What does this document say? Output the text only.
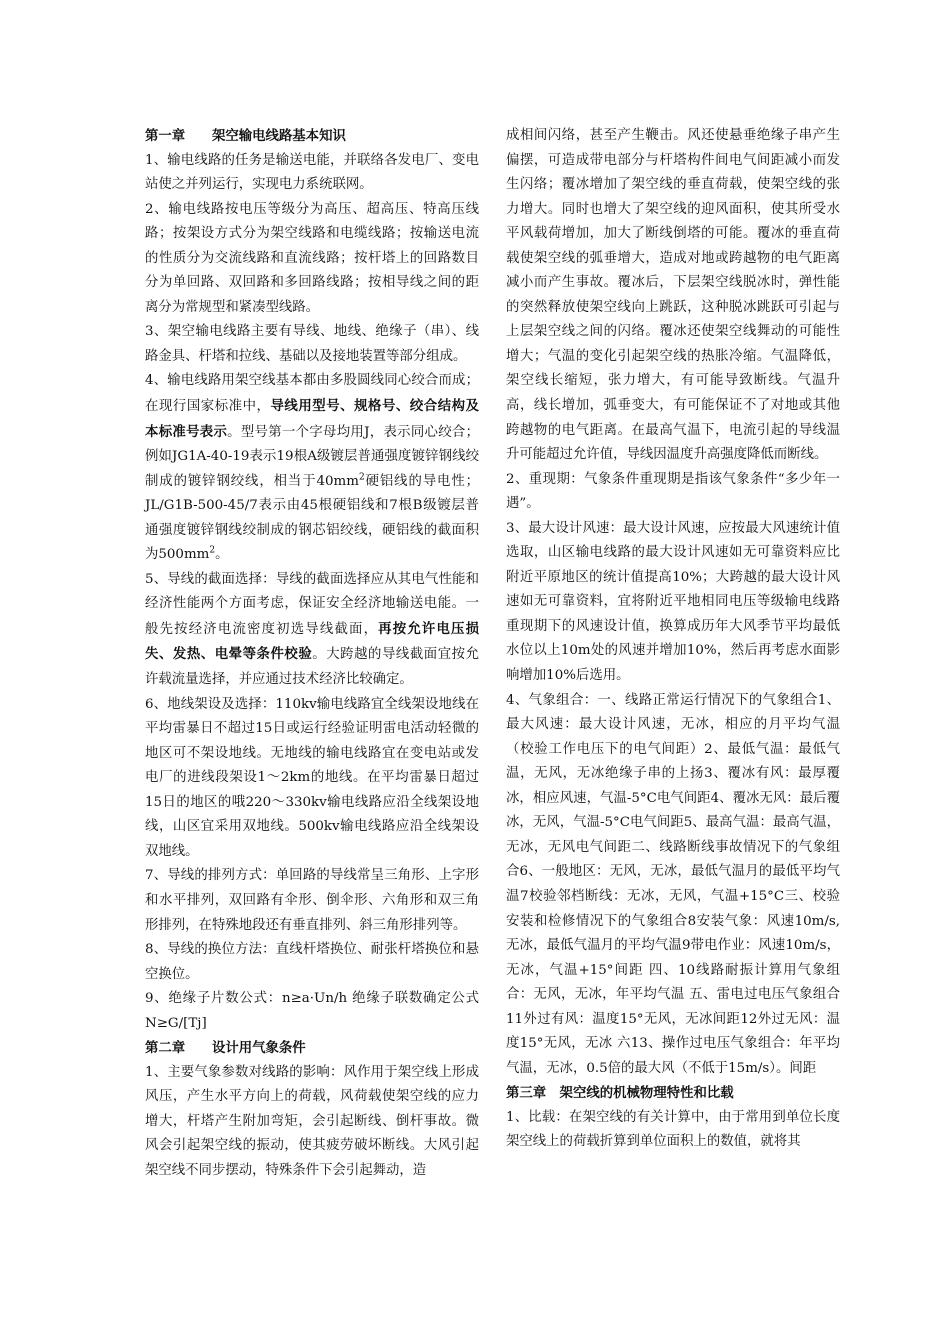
第一章　　架空输电线路基本知识

1、输电线路的任务是输送电能，并联络各发电厂、变电站使之并列运行，实现电力系统联网。

2、输电线路按电压等级分为高压、超高压、特高压线路；按架设方式分为架空线路和电缆线路；按输送电流的性质分为交流线路和直流线路；按杆塔上的回路数目分为单回路、双回路和多回路线路；按相导线之间的距离分为常规型和紧凑型线路。

3、架空输电线路主要有导线、地线、绝缘子（串）、线路金具、杆塔和拉线、基础以及接地装置等部分组成。

4、输电线路用架空线基本都由多股圆线同心绞合而成；在现行国家标准中，导线用型号、规格号、绞合结构及本标准号表示。型号第一个字母均用J，表示同心绞合；例如JG1A-40-19表示19根A级镀层普通强度镀锌钢线绞制成的镀锌钢绞线，相当于$40mm^2$硬铝线的导电性；JL/G1B-500-45/7表示由45根硬铝线和7根B级镀层普通强度镀锌钢线绞制成的钢芯铝绞线，硬铝线的截面积为$500mm^2$。

5、导线的截面选择：导线的截面选择应从其电气性能和经济性能两个方面考虑，保证安全经济地输送电能。一般先按经济电流密度初选导线截面，再按允许电压损失、发热、电晕等条件校验。大跨越的导线截面宜按允许载流量选择，并应通过技术经济比较确定。

6、地线架设及选择：110kv输电线路宜全线架设地线在平均雷暴日不超过15日或运行经验证明雷电活动轻微的地区可不架设地线。无地线的输电线路宜在变电站或发电厂的进线段架设1～2km的地线。在平均雷暴日超过15日的地区的哦220～330kv输电线路应沿全线架设地线，山区宜采用双地线。500kv输电线路应沿全线架设双地线。

7、导线的排列方式：单回路的导线常呈三角形、上字形和水平排列，双回路有伞形、倒伞形、六角形和双三角形排列，在特殊地段还有垂直排列、斜三角形排列等。

8、导线的换位方法：直线杆塔换位、耐张杆塔换位和悬空换位。

9、绝缘子片数公式：n≥a·Un/h 绝缘子联数确定公式N≥G/[Tj]

第二章　　设计用气象条件

1、主要气象参数对线路的影响：风作用于架空线上形成风压，产生水平方向上的荷载，风荷载使架空线的应力增大，杆塔产生附加弯矩，会引起断线、倒杆事故。微风会引起架空线的振动，使其疲劳破坏断线。大风引起架空线不同步摆动，特殊条件下会引起舞动，造

成相间闪络，甚至产生鞭击。风还使悬垂绝缘子串产生偏摆，可造成带电部分与杆塔构件间电气间距减小而发生闪络；覆冰增加了架空线的垂直荷载，使架空线的张力增大。同时也增大了架空线的迎风面积，使其所受水平风载荷增加，加大了断线倒塔的可能。覆冰的垂直荷载使架空线的弧垂增大，造成对地或跨越物的电气距离减小而产生事故。覆冰后，下层架空线脱冰时，弹性能的突然释放使架空线向上跳跃，这种脱冰跳跃可引起与上层架空线之间的闪络。覆冰还使架空线舞动的可能性增大；气温的变化引起架空线的热胀冷缩。气温降低，架空线长缩短，张力增大，有可能导致断线。气温升高，线长增加，弧垂变大，有可能保证不了对地或其他跨越物的电气距离。在最高气温下，电流引起的导线温升可能超过允许值，导线因温度升高强度降低而断线。

2、重现期：气象条件重现期是指该气象条件“多少年一遇”。

3、最大设计风速：最大设计风速，应按最大风速统计值选取，山区输电线路的最大设计风速如无可靠资料应比附近平原地区的统计值提高10%；大跨越的最大设计风速如无可靠资料，宜将附近平地相同电压等级输电线路重现期下的风速设计值，换算成历年大风季节平均最低水位以上10m处的风速并增加10%，然后再考虑水面影响增加10%后选用。

4、气象组合：一、线路正常运行情况下的气象组合1、最大风速：最大设计风速，无冰，相应的月平均气温（校验工作电压下的电气间距）2、最低气温：最低气温，无风，无冰绝缘子串的上扬3、覆冰有风：最厚覆冰，相应风速，气温-5°C电气间距4、覆冰无风：最后覆冰，无风，气温-5°C电气间距5、最高气温：最高气温，无冰，无风电气间距二、线路断线事故情况下的气象组合6、一般地区：无风，无冰，最低气温月的最低平均气温7校验邻档断线：无冰，无风，气温+15°C三、校验安装和检修情况下的气象组合8安装气象：风速10m/s,无冰，最低气温月的平均气温9带电作业：风速10m/s，无冰，气温+15°间距 四、10线路耐振计算用气象组合：无风，无冰，年平均气温 五、雷电过电压气象组合11外过有风：温度15°无风，无冰间距12外过无风：温度15°无风，无冰 六13、操作过电压气象组合：年平均气温，无冰，0.5倍的最大风（不低于15m/s）。间距

第三章　架空线的机械物理特性和比载

1、比载：在架空线的有关计算中，由于常用到单位长度架空线上的荷载折算到单位面积上的数值，就将其
